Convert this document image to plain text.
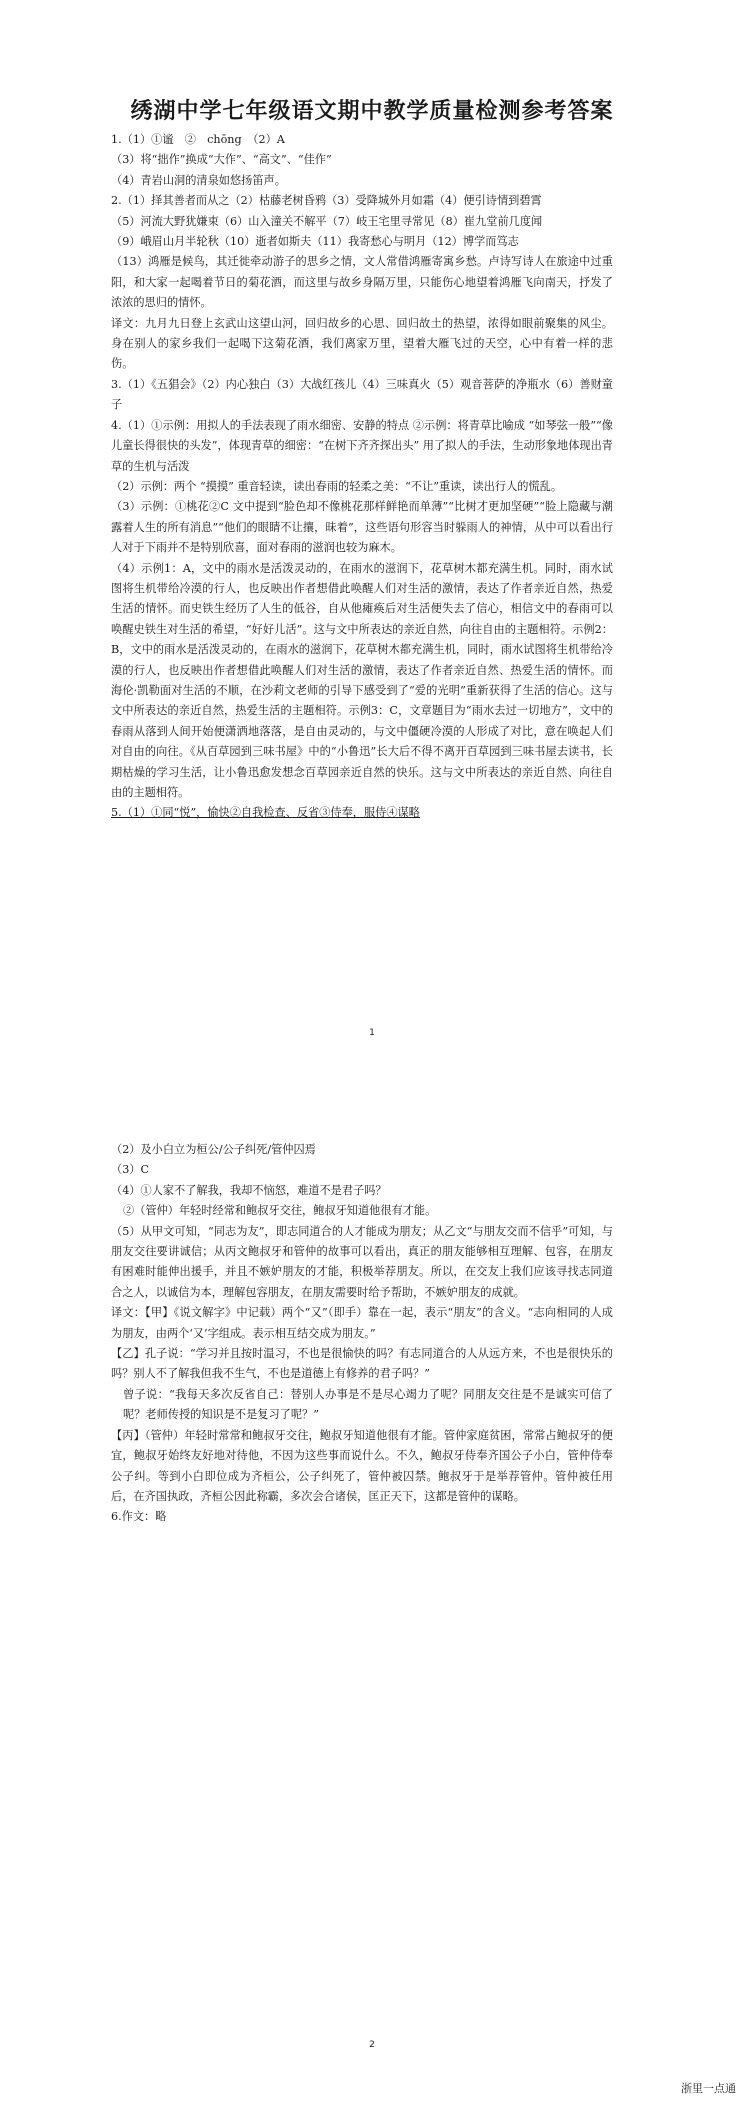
绣湖中学七年级语文期中教学质量检测参考答案

1.（1）①谧　②　chōng　（2）A

（3）将“拙作”换成“大作”、“高文”、“佳作”

（4）青岩山洞的清泉如悠扬笛声。

2.（1）择其善者而从之（2）枯藤老树昏鸦（3）受降城外月如霜（4）便引诗情到碧霄

（5）河流大野犹嫌束（6）山入潼关不解平（7）岐王宅里寻常见（8）崔九堂前几度闻

（9）峨眉山月半轮秋（10）逝者如斯夫（11）我寄愁心与明月（12）博学而笃志

（13）鸿雁是候鸟，其迁徙牵动游子的思乡之情，文人常借鸿雁寄寓乡愁。卢诗写诗人在旅途中过重阳，和大家一起喝着节日的菊花酒，而这里与故乡身隔万里，只能伤心地望着鸿雁飞向南天，抒发了浓浓的思归的情怀。

译文：九月九日登上玄武山这望山河，回归故乡的心思、回归故土的热望，浓得如眼前聚集的风尘。身在别人的家乡我们一起喝下这菊花酒，我们离家万里，望着大雁飞过的天空，心中有着一样的悲伤。

3.（1）《五猖会》（2）内心独白（3）大战红孩儿（4）三味真火（5）观音菩萨的净瓶水（6）善财童子

4.（1）①示例：用拟人的手法表现了雨水细密、安静的特点 ②示例：将青草比喻成 “如琴弦一般”“像儿童长得很快的头发”，体现青草的细密：“在树下齐齐探出头” 用了拟人的手法，生动形象地体现出青草的生机与活泼

（2）示例：两个 “摸摸” 重音轻读，读出春雨的轻柔之美：“不让”重读，读出行人的慌乱。

（3）示例：①桃花②C 文中提到“脸色却不像桃花那样鲜艳而单薄”“比树才更加坚硬”“脸上隐藏与潮露着人生的所有消息”“他们的眼睛不让攘，昧着”，这些语句形容当时躲雨人的神情，从中可以看出行人对于下雨并不是特别欣喜，面对春雨的滋润也较为麻木。

（4）示例1：A，文中的雨水是活泼灵动的，在雨水的滋润下，花草树木都充满生机。同时，雨水试图将生机带给冷漠的行人，也反映出作者想借此唤醒人们对生活的激情，表达了作者亲近自然，热爱生活的情怀。而史铁生经历了人生的低谷，自从他瘫痪后对生活便失去了信心，相信文中的春雨可以唤醒史铁生对生活的希望，“好好儿活”。这与文中所表达的亲近自然，向往自由的主题相符。示例2：B，文中的雨水是活泼灵动的，在雨水的滋润下，花草树木都充满生机，同时，雨水试图将生机带给冷漠的行人，也反映出作者想借此唤醒人们对生活的激情，表达了作者亲近自然、热爱生活的情怀。而海伦·凯勒面对生活的不顺，在沙莉文老师的引导下感受到了“爱的光明”重新获得了生活的信心。这与文中所表达的亲近自然，热爱生活的主题相符。示例3：C，文章题目为“雨水去过一切地方”，文中的春雨从落到人间开始便潇洒地落落，是自由灵动的，与文中僵硬冷漠的人形成了对比，意在唤起人们对自由的向往。《从百草园到三味书屋》中的“小鲁迅”长大后不得不离开百草园到三味书屋去读书，长期枯燥的学习生活，让小鲁迅愈发想念百草园亲近自然的快乐。这与文中所表达的亲近自然、向往自由的主题相符。

5.（1）①同“悦”，愉快②自我检查、反省③侍奉，服侍④谋略

1

（2）及小白立为桓公/公子纠死/管仲囚焉

（3）C

（4）①人家不了解我，我却不恼怒，难道不是君子吗？

②（管仲）年轻时经常和鲍叔牙交往，鲍叔牙知道他很有才能。

（5）从甲文可知，“同志为友”，即志同道合的人才能成为朋友；从乙文“与朋友交而不信乎”可知，与朋友交往要讲诚信；从丙文鲍叔牙和管仲的故事可以看出，真正的朋友能够相互理解、包容，在朋友有困难时能伸出援手，并且不嫉妒朋友的才能，积极举荐朋友。所以，在交友上我们应该寻找志同道合之人，以诚信为本，理解包容朋友，在朋友需要时给予帮助，不嫉妒朋友的成就。

译文：【甲】《说文解字》中记载）两个“又”（即手）靠在一起，表示“朋友”的含义。“志向相同的人成为朋友，由两个‘又’字组成。表示相互结交成为朋友。”

【乙】孔子说：“学习并且按时温习，不也是很愉快的吗？有志同道合的人从远方来，不也是很快乐的吗？别人不了解我但我不生气，不也是道德上有修养的君子吗？”

曾子说：“我每天多次反省自己：替别人办事是不是尽心竭力了呢？同朋友交往是不是诚实可信了呢？老师传授的知识是不是复习了呢？”

【丙】（管仲）年轻时常常和鲍叔牙交往，鲍叔牙知道他很有才能。管仲家庭贫困，常常占鲍叔牙的便宜，鲍叔牙始终友好地对待他，不因为这些事而说什么。不久，鲍叔牙侍奉齐国公子小白，管仲侍奉公子纠。等到小白即位成为齐桓公，公子纠死了，管仲被囚禁。鲍叔牙于是举荐管仲。管仲被任用后，在齐国执政，齐桓公因此称霸，多次会合诸侯，匡正天下，这都是管仲的谋略。

6.作文：略

2
浙里一点通
